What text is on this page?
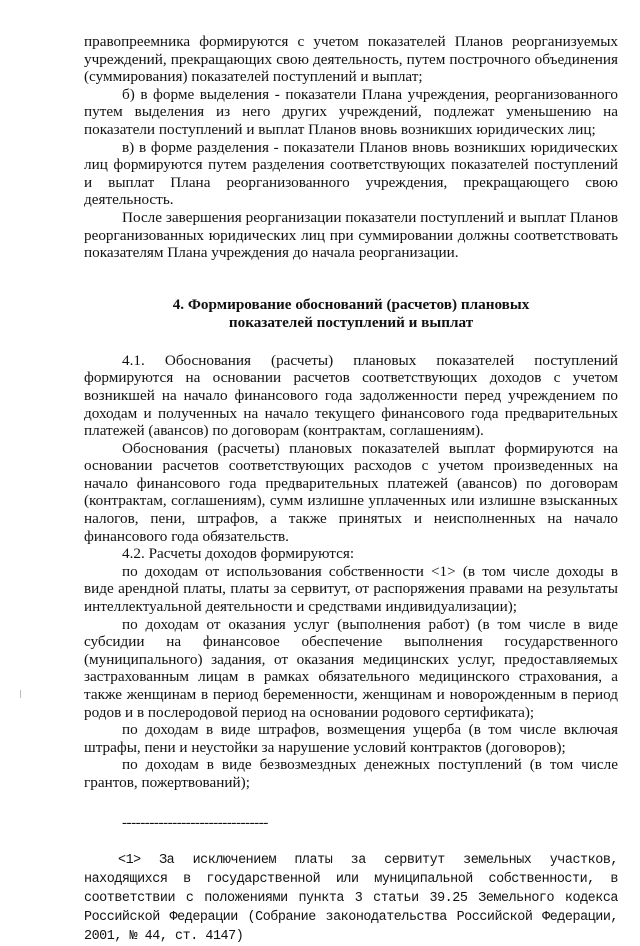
правопреемника формируются с учетом показателей Планов реорганизуемых учреждений, прекращающих свою деятельность, путем построчного объединения (суммирования) показателей поступлений и выплат;

б) в форме выделения - показатели Плана учреждения, реорганизованного путем выделения из него других учреждений, подлежат уменьшению на показатели поступлений и выплат Планов вновь возникших юридических лиц;

в) в форме разделения - показатели Планов вновь возникших юридических лиц формируются путем разделения соответствующих показателей поступлений и выплат Плана реорганизованного учреждения, прекращающего свою деятельность.

После завершения реорганизации показатели поступлений и выплат Планов реорганизованных юридических лиц при суммировании должны соответствовать показателям Плана учреждения до начала реорганизации.

4. Формирование обоснований (расчетов) плановых
показателей поступлений и выплат

4.1. Обоснования (расчеты) плановых показателей поступлений формируются на основании расчетов соответствующих доходов с учетом возникшей на начало финансового года задолженности перед учреждением по доходам и полученных на начало текущего финансового года предварительных платежей (авансов) по договорам (контрактам, соглашениям).

Обоснования (расчеты) плановых показателей выплат формируются на основании расчетов соответствующих расходов с учетом произведенных на начало финансового года предварительных платежей (авансов) по договорам (контрактам, соглашениям), сумм излишне уплаченных или излишне взысканных налогов, пени, штрафов, а также принятых и неисполненных на начало финансового года обязательств.

4.2. Расчеты доходов формируются:

по доходам от использования собственности <1> (в том числе доходы в виде арендной платы, платы за сервитут, от распоряжения правами на результаты интеллектуальной деятельности и средствами индивидуализации);

по доходам от оказания услуг (выполнения работ) (в том числе в виде субсидии на финансовое обеспечение выполнения государственного (муниципального) задания, от оказания медицинских услуг, предоставляемых застрахованным лицам в рамках обязательного медицинского страхования, а также женщинам в период беременности, женщинам и новорожденным в период родов и в послеродовой период на основании родового сертификата);

по доходам в виде штрафов, возмещения ущерба (в том числе включая штрафы, пени и неустойки за нарушение условий контрактов (договоров);

по доходам в виде безвозмездных денежных поступлений (в том числе грантов, пожертвований);

--------------------------------

<1> За исключением платы за сервитут земельных участков, находящихся в государственной или муниципальной собственности, в соответствии с положениями пункта 3 статьи 39.25 Земельного кодекса Российской Федерации (Собрание законодательства Российской Федерации, 2001, № 44, ст. 4147)
